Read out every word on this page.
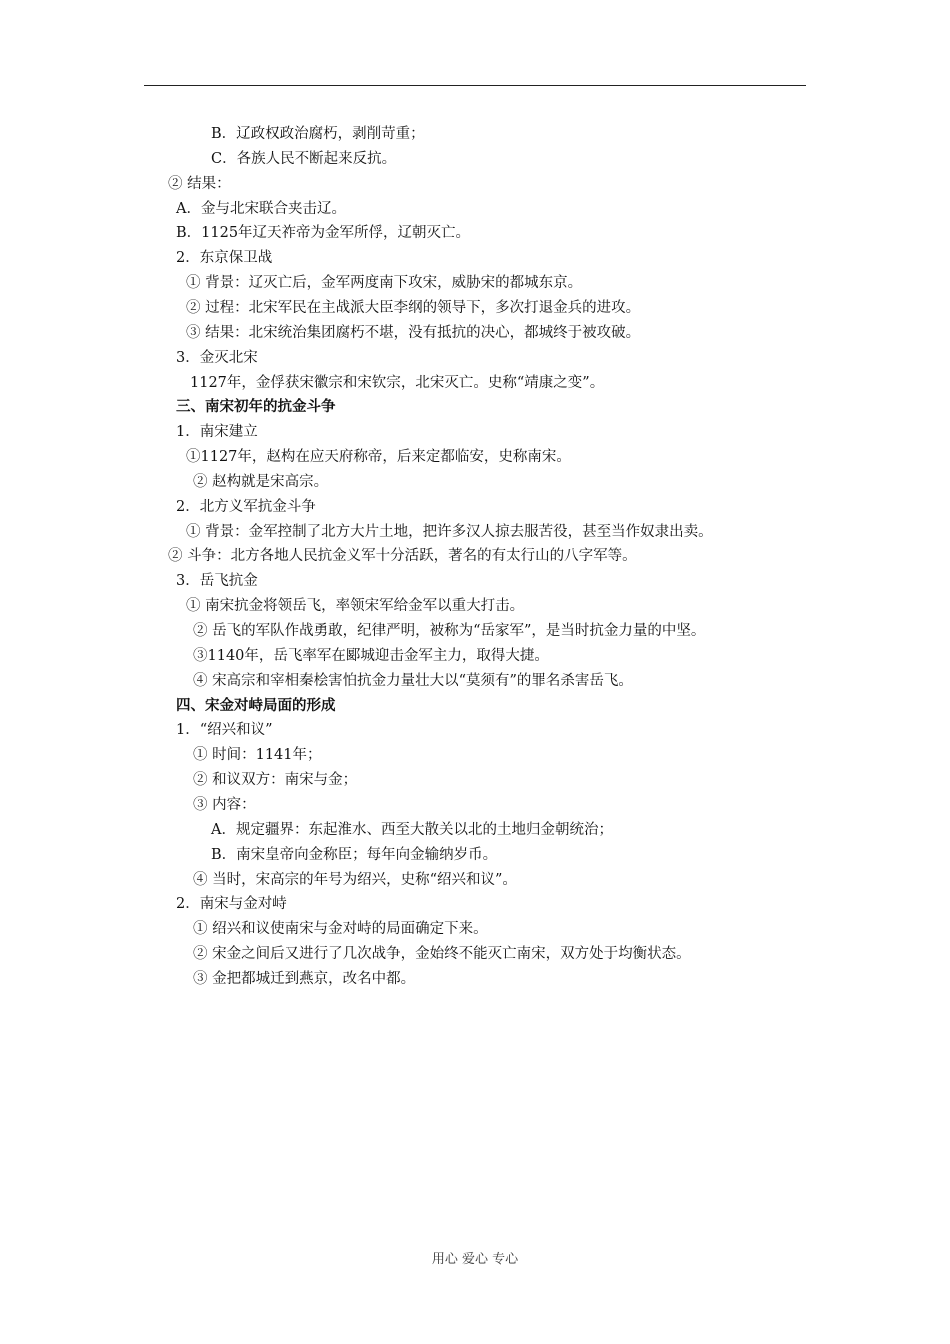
B．辽政权政治腐朽，剥削苛重；
C．各族人民不断起来反抗。
② 结果：
A．金与北宋联合夹击辽。
B．1125年辽天祚帝为金军所俘，辽朝灭亡。
2．东京保卫战
① 背景：辽灭亡后，金军两度南下攻宋，威胁宋的都城东京。
② 过程：北宋军民在主战派大臣李纲的领导下，多次打退金兵的进攻。
③ 结果：北宋统治集团腐朽不堪，没有抵抗的决心，都城终于被攻破。
3．金灭北宋
1127年，金俘获宋徽宗和宋钦宗，北宋灭亡。史称“靖康之变”。
三、南宋初年的抗金斗争
1．南宋建立
①1127年，赵构在应天府称帝，后来定都临安，史称南宋。
② 赵构就是宋高宗。
2．北方义军抗金斗争
① 背景：金军控制了北方大片土地，把许多汉人掠去服苦役，甚至当作奴隶出卖。
② 斗争：北方各地人民抗金义军十分活跃，著名的有太行山的八字军等。
3．岳飞抗金
① 南宋抗金将领岳飞，率领宋军给金军以重大打击。
② 岳飞的军队作战勇敢，纪律严明，被称为“岳家军”，是当时抗金力量的中坚。
③1140年，岳飞率军在郾城迎击金军主力，取得大捷。
④ 宋高宗和宰相秦桧害怕抗金力量壮大以“莫须有”的罪名杀害岳飞。
四、宋金对峙局面的形成
1．“绍兴和议”
① 时间：1141年；
② 和议双方：南宋与金；
③ 内容：
A．规定疆界：东起淮水、西至大散关以北的土地归金朝统治；
B．南宋皇帝向金称臣；每年向金输纳岁币。
④ 当时，宋高宗的年号为绍兴，史称“绍兴和议”。
2．南宋与金对峙
① 绍兴和议使南宋与金对峙的局面确定下来。
② 宋金之间后又进行了几次战争，金始终不能灭亡南宋，双方处于均衡状态。
③ 金把都城迁到燕京，改名中都。
用心 爱心 专心
